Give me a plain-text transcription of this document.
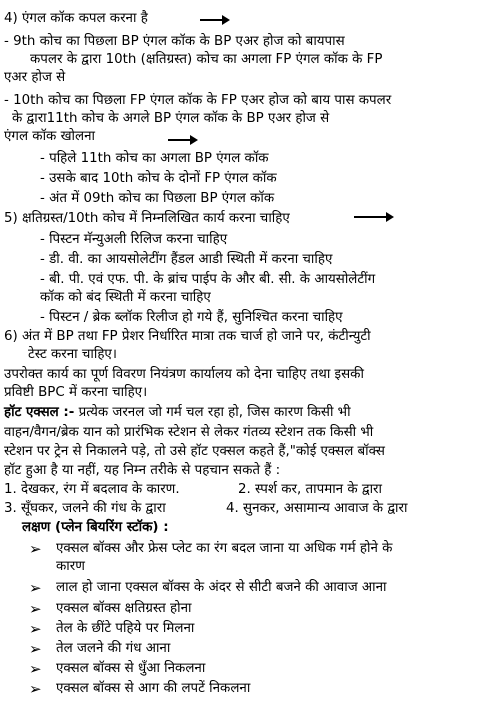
4) एंगल कॉक कपल करना है
- 9th कोच का पिछला BP एंगल कॉक के BP एअर होज को बायपास
कपलर के द्वारा 10th (क्षतिग्रस्त) कोच का अगला FP एंगल कॉक के FP
एअर होज से
- 10th कोच का पिछला FP एंगल कॉक के FP एअर होज को बाय पास कपलर
के द्वारा11th कोच के अगले BP एंगल कॉक के BP एअर होज से
एंगल कॉक खोलना
- पहिले 11th कोच का अगला BP एंगल कॉक
- उसके बाद 10th कोच के दोनों FP एंगल कॉक
- अंत में 09th कोच का पिछला BP एंगल कॉक
5) क्षतिग्रस्त/10th कोच में निम्नलिखित कार्य करना चाहिए
- पिस्टन मॅन्युअली रिलिज करना चाहिए
- डी. वी. का आयसोलेटींग हैंडल आडी स्थिती में करना चाहिए
- बी. पी. एवं एफ. पी. के ब्रांच पाईप के और बी. सी. के आयसोलेटींग
कॉक को बंद स्थिती में करना चाहिए
- पिस्टन / ब्रेक ब्लॉक रिलीज हो गये हैं, सुनिश्चित करना चाहिए
6) अंत में BP तथा FP प्रेशर निर्धारित मात्रा तक चार्ज हो जाने पर, कंटीन्युटी
टेस्ट करना चाहिए।
उपरोक्त कार्य का पूर्ण विवरण नियंत्रण कार्यालय को देना चाहिए तथा इसकी
प्रविष्टी BPC में करना चाहिए।
हॉट एक्सल :- प्रत्येक जरनल जो गर्म चल रहा हो, जिस कारण किसी भी
वाहन/वैगन/ब्रेक यान को प्रारंभिक स्टेशन से लेकर गंतव्य स्टेशन तक किसी भी
स्टेशन पर ट्रेन से निकालने पड़े, तो उसे हॉट एक्सल कहते हैं,"कोई एक्सल बॉक्स
हॉट हुआ है या नहीं, यह निम्न तरीके से पहचान सकते हैं :
1. देखकर, रंग में बदलाव के कारण.	2. स्पर्श कर, तापमान के द्वारा
3. सूँघकर, जलने की गंध के द्वारा	4. सुनकर, असामान्य आवाज के द्वारा
लक्षण (प्लेन बियरिंग स्टॉक) :
➢ एक्सल बॉक्स और फ्रेस प्लेट का रंग बदल जाना या अधिक गर्म होने के
कारण
➢ लाल हो जाना एक्सल बॉक्स के अंदर से सीटी बजने की आवाज आना
➢ एक्सल बॉक्स क्षतिग्रस्त होना
➢ तेल के छींटे पहिये पर मिलना
➢ तेल जलने की गंध आना
➢ एक्सल बॉक्स से धुँआ निकलना
➢ एक्सल बॉक्स से आग की लपटें निकलना
